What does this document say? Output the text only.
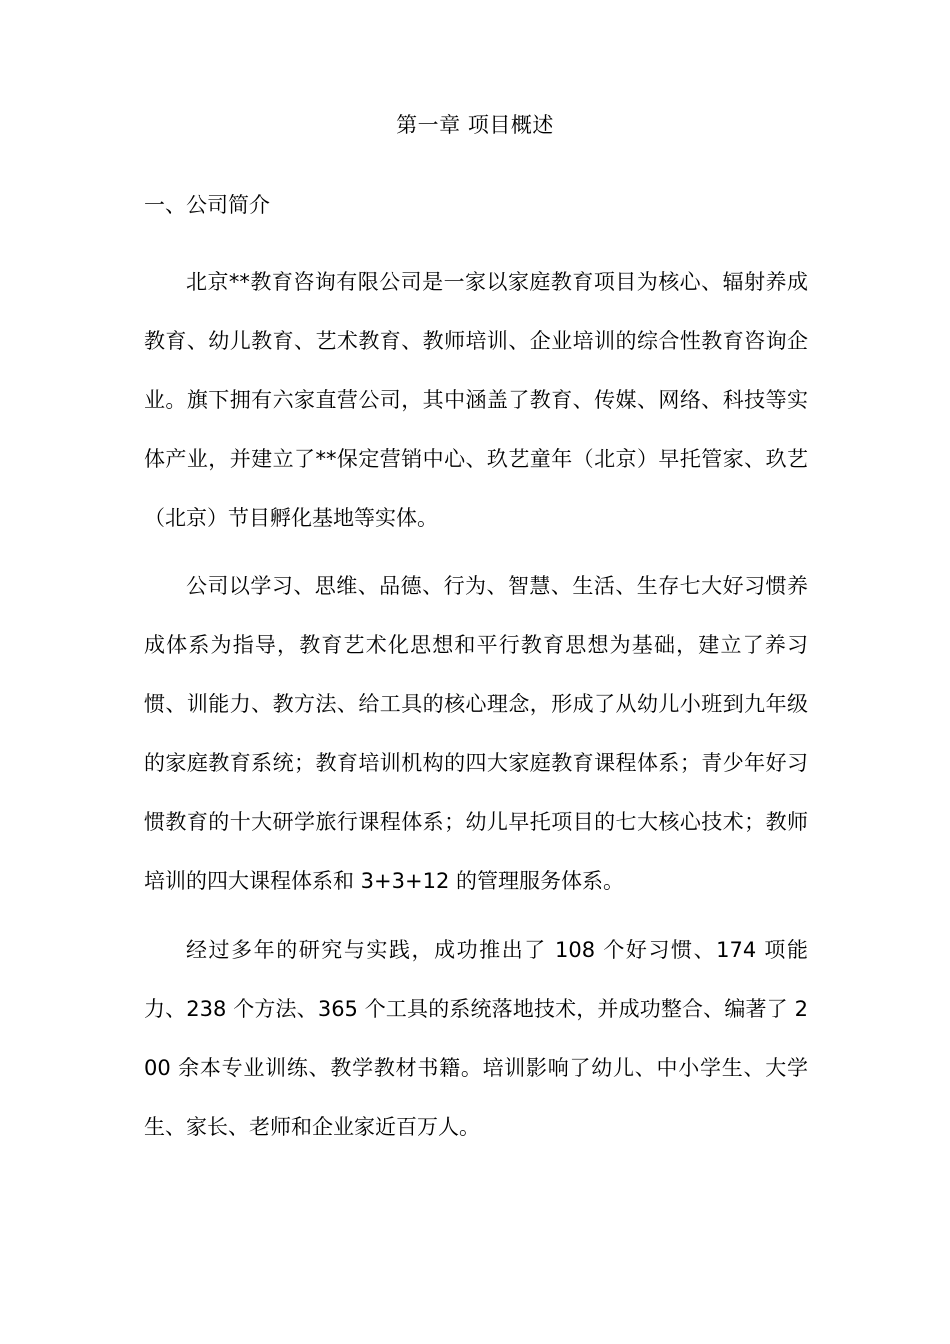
第一章 项目概述
一、公司简介

北京**教育咨询有限公司是一家以家庭教育项目为核心、辐射养成教育、幼儿教育、艺术教育、教师培训、企业培训的综合性教育咨询企业。旗下拥有六家直营公司，其中涵盖了教育、传媒、网络、科技等实体产业，并建立了**保定营销中心、玖艺童年（北京）早托管家、玖艺（北京）节目孵化基地等实体。

公司以学习、思维、品德、行为、智慧、生活、生存七大好习惯养成体系为指导，教育艺术化思想和平行教育思想为基础，建立了养习惯、训能力、教方法、给工具的核心理念，形成了从幼儿小班到九年级的家庭教育系统；教育培训机构的四大家庭教育课程体系；青少年好习惯教育的十大研学旅行课程体系；幼儿早托项目的七大核心技术；教师培训的四大课程体系和 3+3+12 的管理服务体系。

经过多年的研究与实践，成功推出了 108 个好习惯、174 项能力、238 个方法、365 个工具的系统落地技术，并成功整合、编著了 200 余本专业训练、教学教材书籍。培训影响了幼儿、中小学生、大学生、家长、老师和企业家近百万人。
